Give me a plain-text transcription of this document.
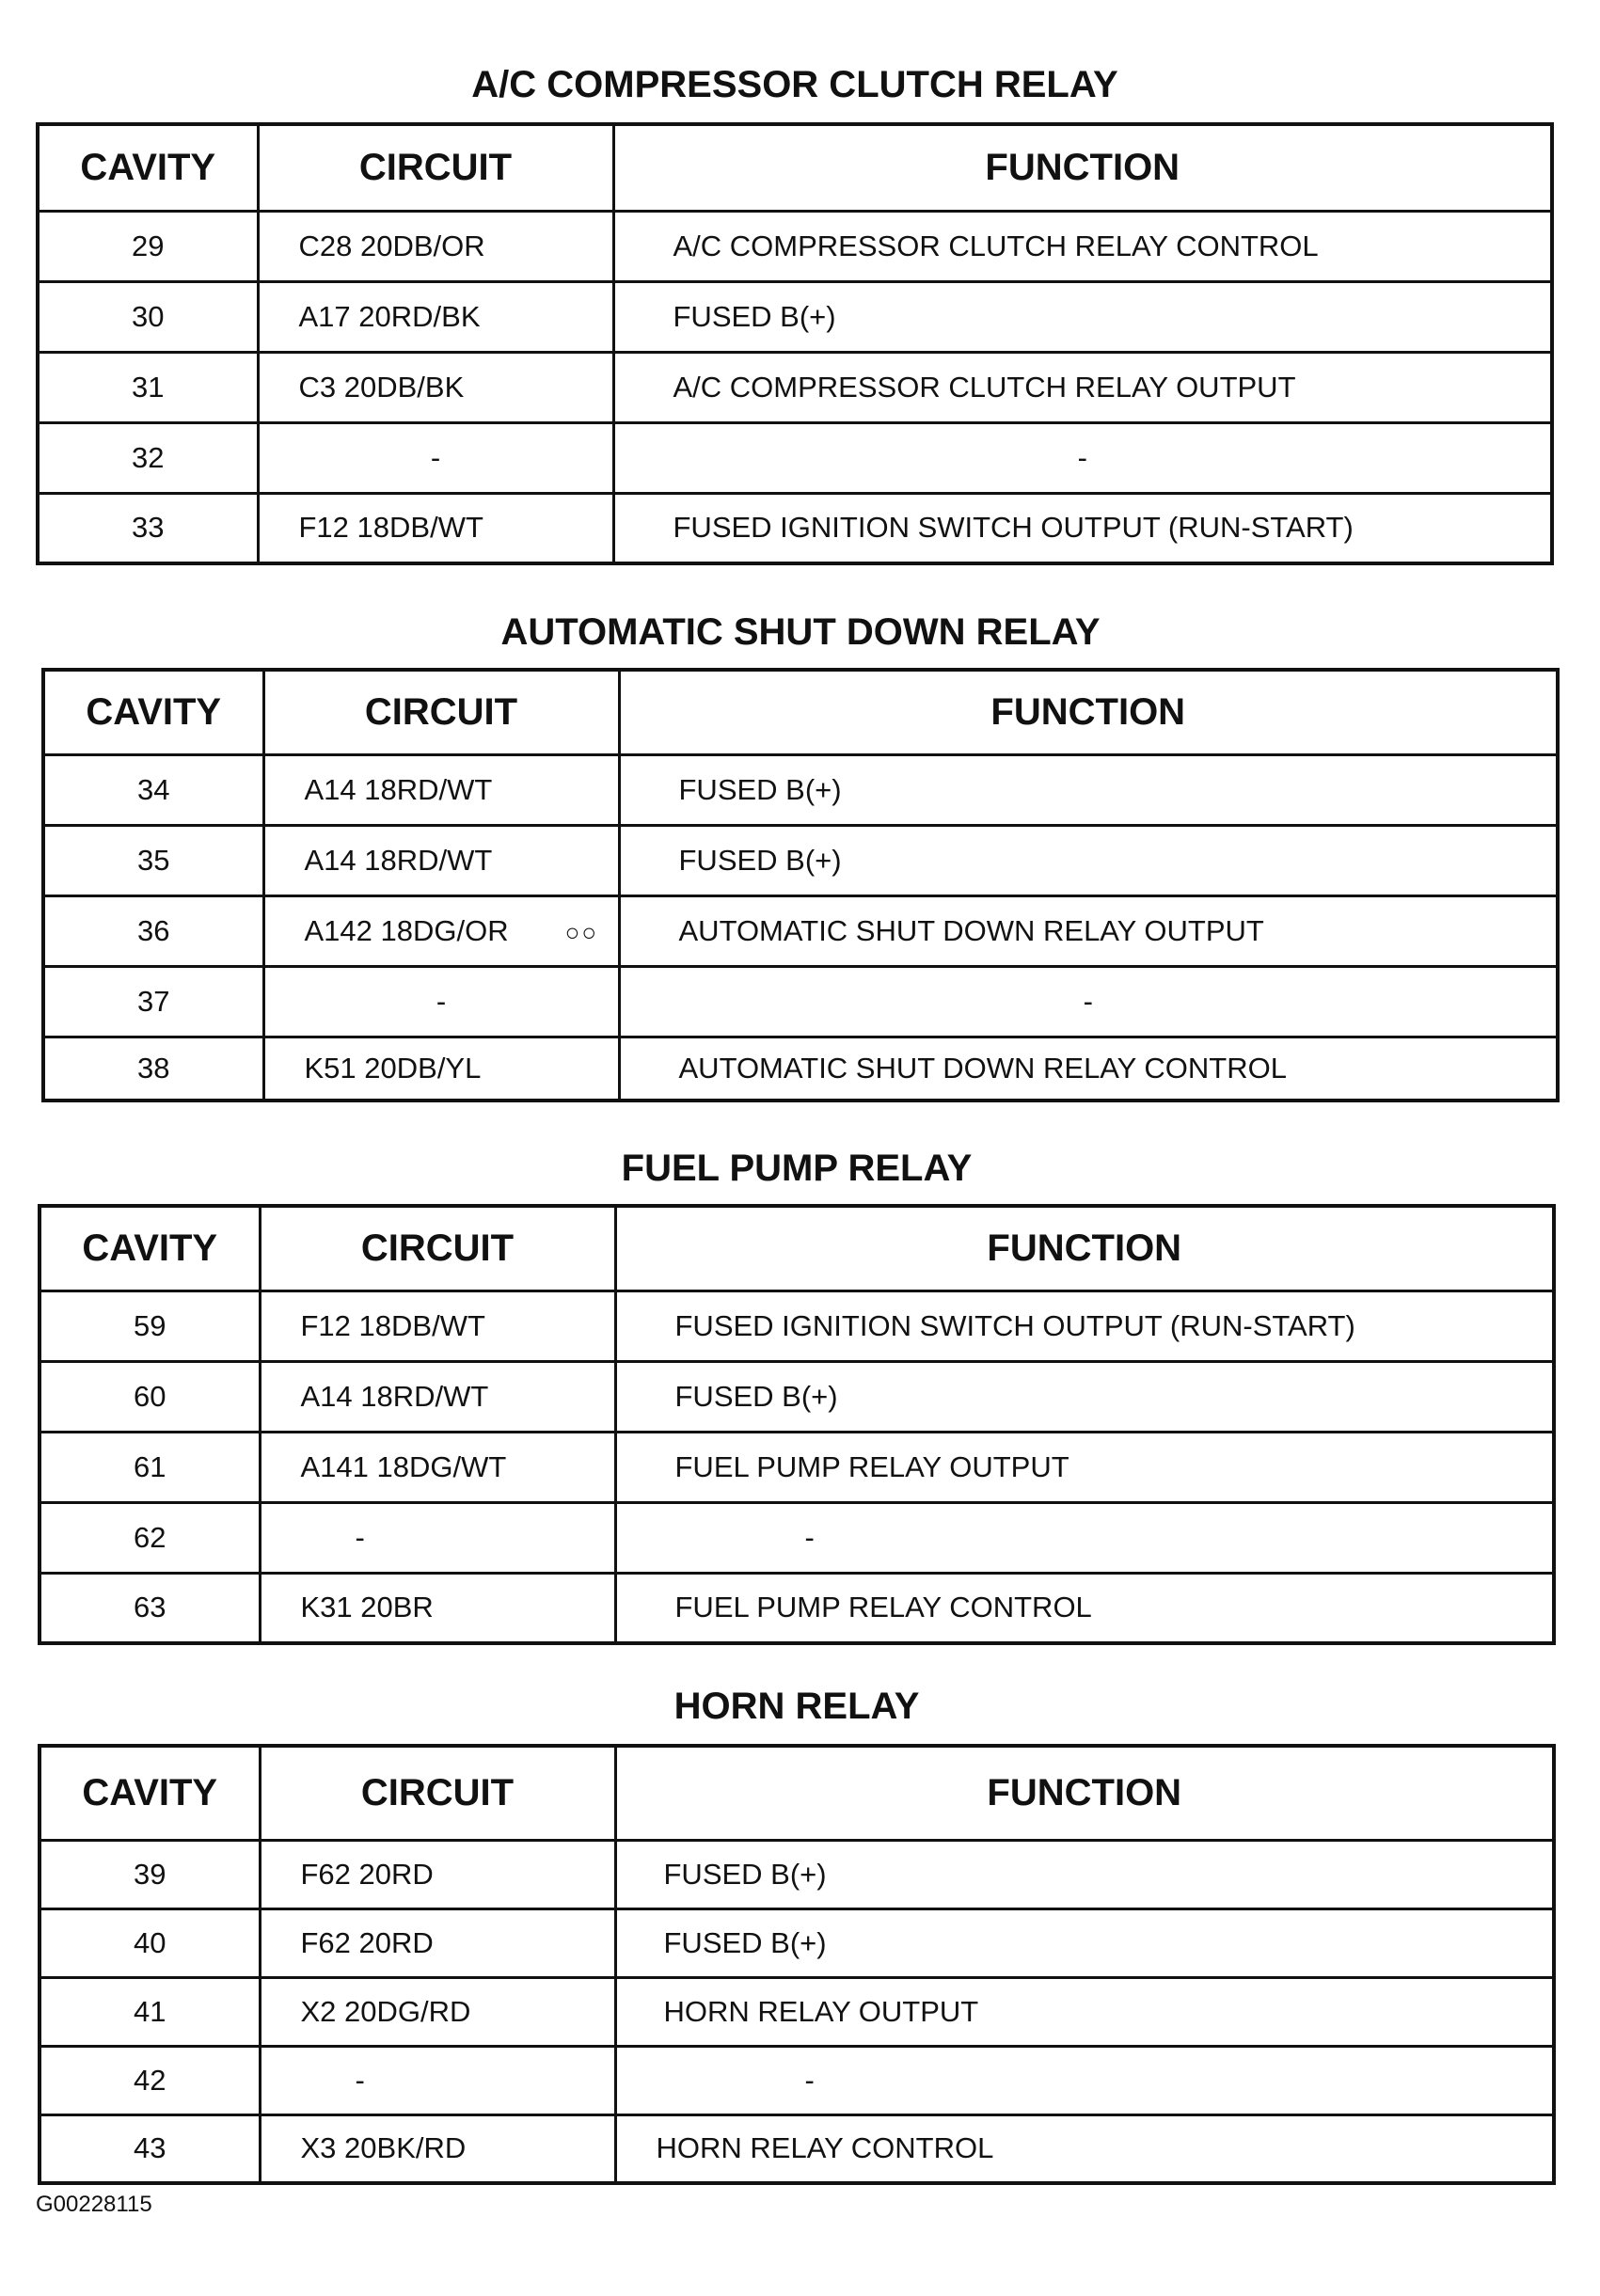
A/C COMPRESSOR CLUTCH RELAY
CAVITY	CIRCUIT	FUNCTION
29	C28 20DB/OR	A/C COMPRESSOR CLUTCH RELAY CONTROL
30	A17 20RD/BK	FUSED B(+)
31	C3 20DB/BK	A/C COMPRESSOR CLUTCH RELAY OUTPUT
32	-	-
33	F12 18DB/WT	FUSED IGNITION SWITCH OUTPUT (RUN-START)
AUTOMATIC SHUT DOWN RELAY
CAVITY	CIRCUIT	FUNCTION
34	A14 18RD/WT	FUSED B(+)
35	A14 18RD/WT	FUSED B(+)
36	A142 18DG/OR ○○	AUTOMATIC SHUT DOWN RELAY OUTPUT
37	-	-
38	K51 20DB/YL	AUTOMATIC SHUT DOWN RELAY CONTROL
FUEL PUMP RELAY
CAVITY	CIRCUIT	FUNCTION
59	F12 18DB/WT	FUSED IGNITION SWITCH OUTPUT (RUN-START)
60	A14 18RD/WT	FUSED B(+)
61	A141 18DG/WT	FUEL PUMP RELAY OUTPUT
62	-	-
63	K31 20BR	FUEL PUMP RELAY CONTROL
HORN RELAY
CAVITY	CIRCUIT	FUNCTION
39	F62 20RD	FUSED B(+)
40	F62 20RD	FUSED B(+)
41	X2 20DG/RD	HORN RELAY OUTPUT
42	-	-
43	X3 20BK/RD	HORN RELAY CONTROL
G00228115
